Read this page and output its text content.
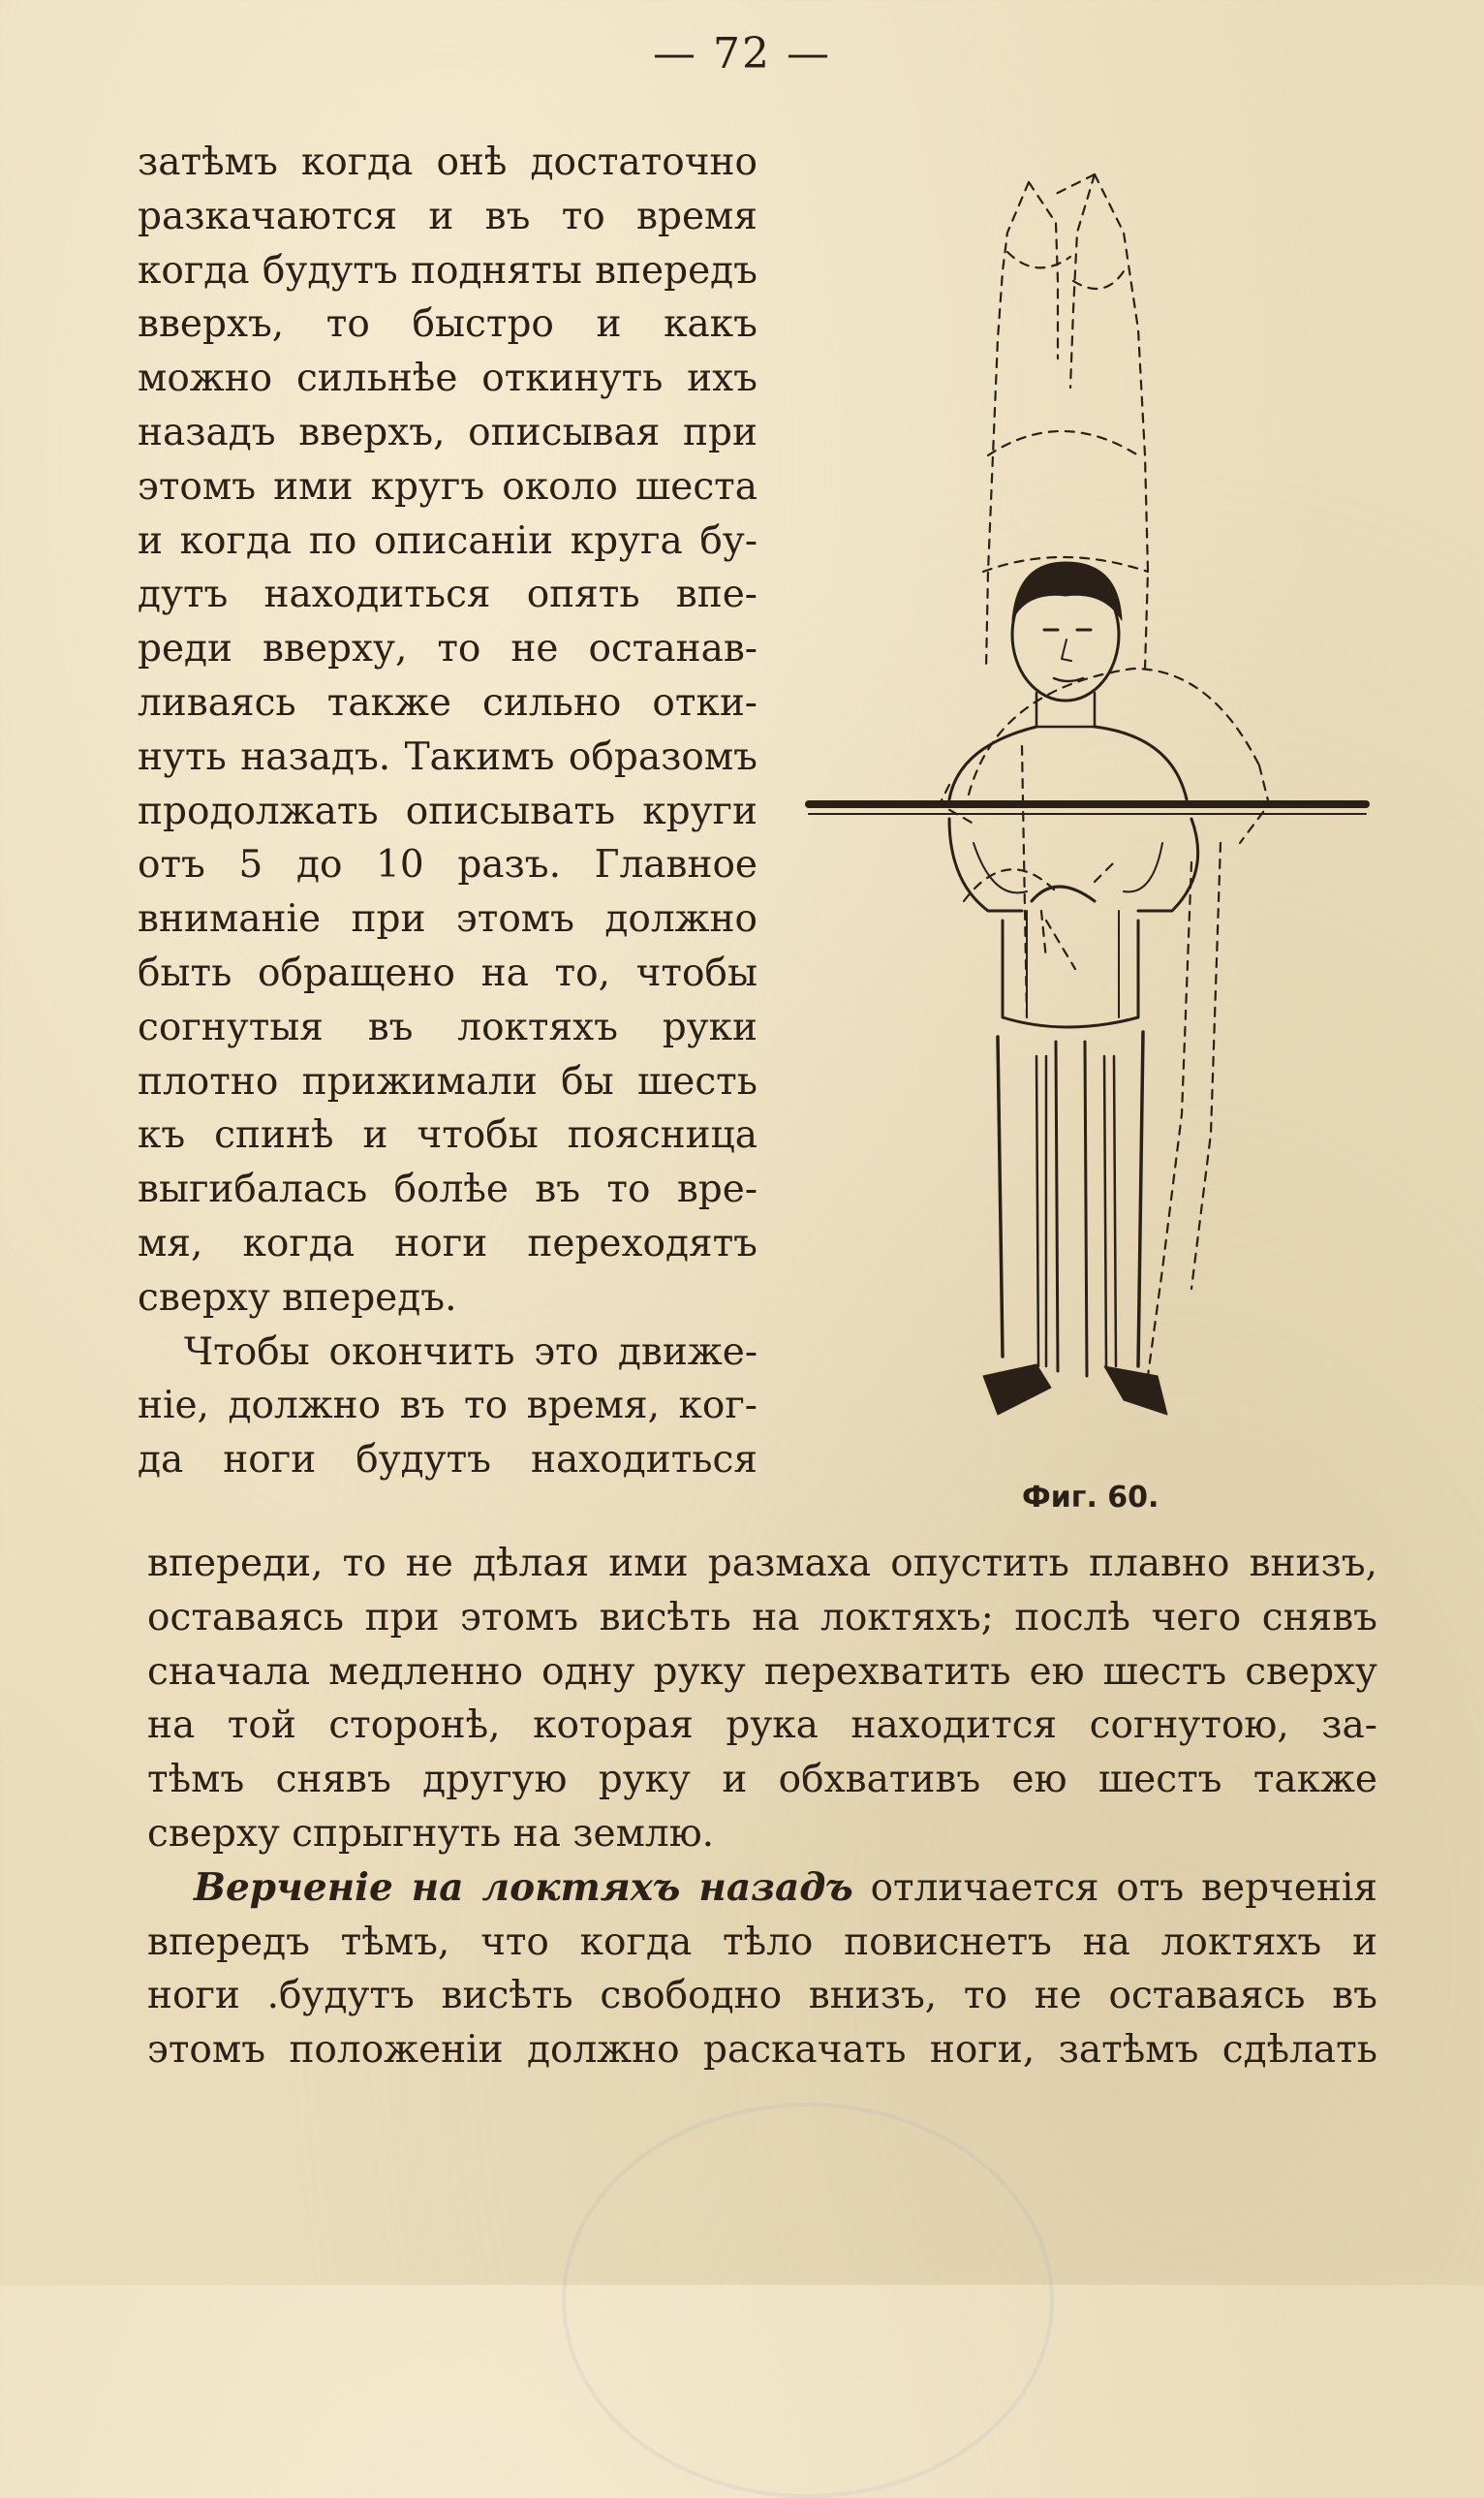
— 72 —
затѣмъ когда онѣ достаточно
разкачаются и въ то время
когда будутъ подняты впередъ
вверхъ, то быстро и какъ
можно сильнѣе откинуть ихъ
назадъ вверхъ, описывая при
этомъ ими кругъ около шеста
и когда по описанiи круга бу-
дутъ находиться опять впе-
реди вверху, то не останав-
ливаясь также сильно отки-
нуть назадъ. Такимъ образомъ
продолжать описывать круги
отъ 5 до 10 разъ. Главное
вниманiе при этомъ должно
быть обращено на то, чтобы
согнутыя въ локтяхъ руки
плотно прижимали бы шесть
къ спинѣ и чтобы поясница
выгибалась болѣе въ то вре-
мя, когда ноги переходятъ
сверху впередъ.
Чтобы окончить это движе-
нiе, должно въ то время, ког-
да ноги будутъ находиться
Фиг. 60.
впереди, то не дѣлая ими размаха опустить плавно внизъ,
оставаясь при этомъ висѣть на локтяхъ; послѣ чего снявъ
сначала медленно одну руку перехватить ею шестъ сверху
на той сторонѣ, которая рука находится согнутою, за-
тѣмъ снявъ другую руку и обхвативъ ею шестъ также
сверху спрыгнуть на землю.
Верченiе на локтяхъ назадъ отличается отъ верченiя
впередъ тѣмъ, что когда тѣло повиснетъ на локтяхъ и
ноги .будутъ висѣть свободно внизъ, то не оставаясь въ
этомъ положенiи должно раскачать ноги, затѣмъ сдѣлать
